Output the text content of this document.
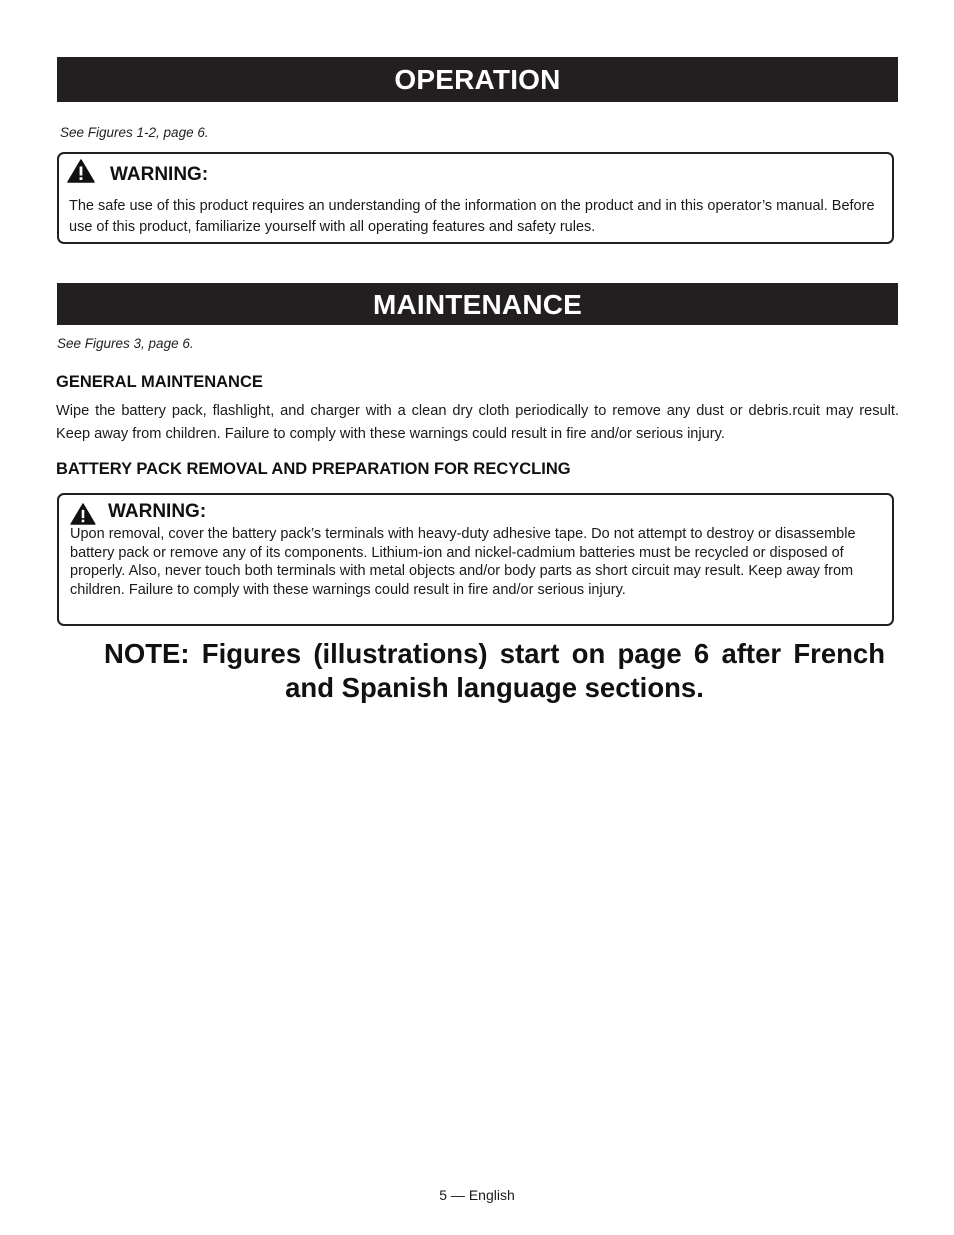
OPERATION
See Figures 1-2, page 6.
WARNING:
The safe use of this product requires an understanding of the information on the product and in this operator’s manual. Before use of this product, familiarize yourself with all operating features and safety rules.
MAINTENANCE
See Figures 3, page 6.
GENERAL MAINTENANCE
Wipe the battery pack, flashlight, and charger with a clean dry cloth periodically to remove any dust or debris.rcuit may result. Keep away from children. Failure to comply with these warnings could result in fire and/or serious injury.
BATTERY PACK REMOVAL AND PREPARATION FOR RECYCLING
WARNING:
Upon removal, cover the battery pack’s terminals with heavy-duty adhesive tape. Do not attempt to destroy or disassemble battery pack or remove any of its components. Lithium-ion and nickel-cadmium batteries must be recycled or disposed of properly. Also, never touch both terminals with metal objects and/or body parts as short circuit may result. Keep away from children. Failure to comply with these warnings could result in fire and/or serious injury.
NOTE: Figures (illustrations) start on page 6 after French
and Spanish language sections.
5 — English
